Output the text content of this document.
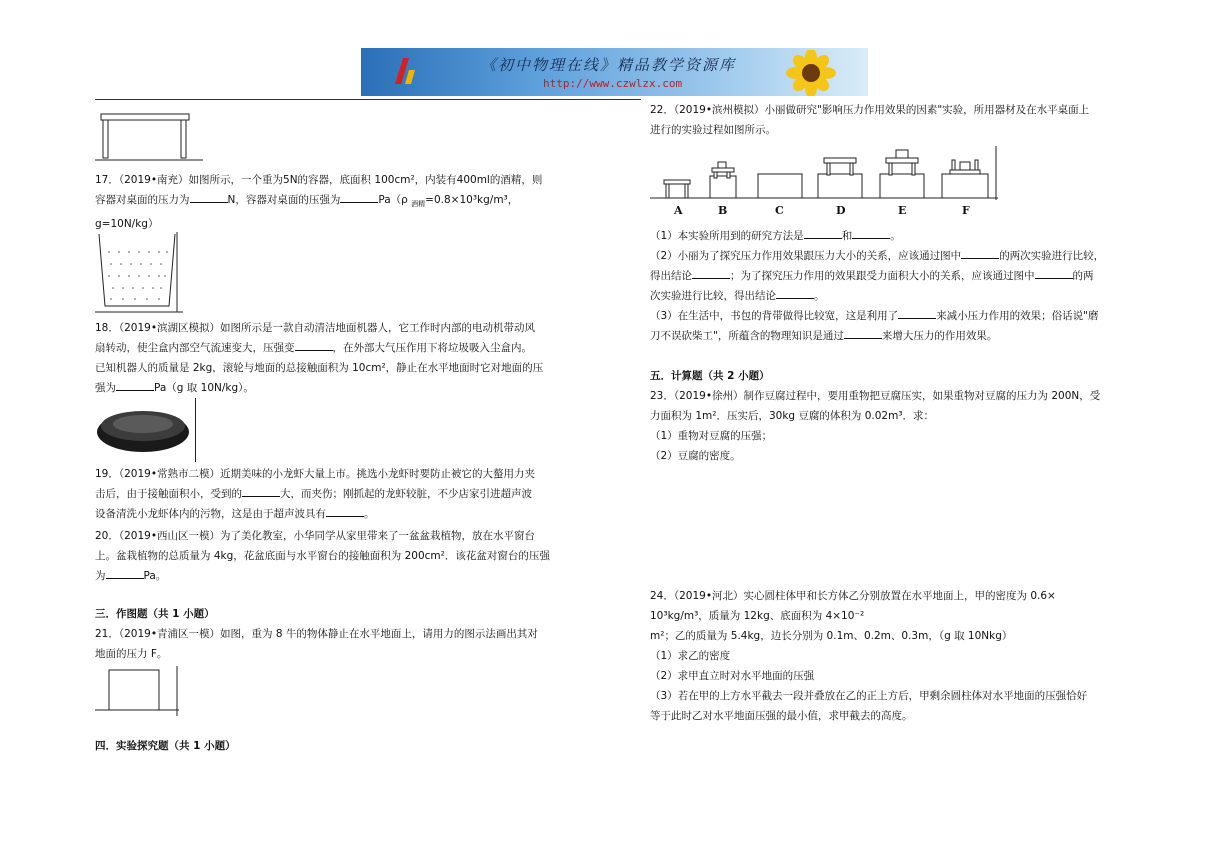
《初中物理在线》精品教学资源库
http://www.czwlzx.com

17．（2019•南充）如图所示，一个重为5N的容器，底面积 100cm²，内装有400ml的酒精，则

容器对桌面的压力为	N，容器对桌面的压强为	Pa（ρ $_{酒精}$=0.8×10³kg/m³，

g=10N/kg）

18．（2019•滨湖区模拟）如图所示是一款自动清洁地面机器人，它工作时内部的电动机带动风

扇转动，使尘盒内部空气流速变大，压强变	，在外部大气压作用下将垃圾吸入尘盒内。

已知机器人的质量是 2kg，滚轮与地面的总接触面积为 10cm²，静止在水平地面时它对地面的压

强为	Pa（g 取 10N/kg）。

19．（2019•常熟市二模）近期美味的小龙虾大量上市。挑选小龙虾时要防止被它的大螯用力夹

击后，由于接触面积小，受到的	大，而夹伤；刚抓起的龙虾较脏，不少店家引进超声波

设备清洗小龙虾体内的污物，这是由于超声波具有	。

20．（2019•西山区一模）为了美化教室，小华同学从家里带来了一盆盆栽植物，放在水平窗台

上。盆栽植物的总质量为 4kg，花盆底面与水平窗台的接触面积为 200cm²．该花盆对窗台的压强

为	Pa。

三．作图题（共 1 小题）

21．（2019•青浦区一模）如图，重为 8 牛的物体静止在水平地面上，请用力的图示法画出其对

地面的压力 F。

四．实验探究题（共 1 小题）

22．（2019•滨州模拟）小丽做研究"影响压力作用效果的因素"实验，所用器材及在水平桌面上

进行的实验过程如图所示。

A	B	C	D	E	F

（1）本实验所用到的研究方法是	和	。

（2）小丽为了探究压力作用效果跟压力大小的关系，应该通过图中	的两次实验进行比较，

得出结论	；为了探究压力作用的效果跟受力面积大小的关系，应该通过图中	的两

次实验进行比较，得出结论	。

（3）在生活中，书包的背带做得比较宽，这是利用了	来减小压力作用的效果；俗话说"磨

刀不误砍柴工"，所蕴含的物理知识是通过	来增大压力的作用效果。

五．计算题（共 2 小题）

23．（2019•徐州）制作豆腐过程中，要用重物把豆腐压实，如果重物对豆腐的压力为 200N，受

力面积为 1m²．压实后，30kg 豆腐的体积为 0.02m³．求：

（1）重物对豆腐的压强；

（2）豆腐的密度。

24．（2019•河北）实心圆柱体甲和长方体乙分别放置在水平地面上，甲的密度为 0.6×

10³kg/m³，质量为 12kg、底面积为 4×10⁻²

m²；乙的质量为 5.4kg，边长分别为 0.1m、0.2m、0.3m，（g 取 10Nkg）

（1）求乙的密度

（2）求甲直立时对水平地面的压强

（3）若在甲的上方水平截去一段并叠放在乙的正上方后，甲剩余圆柱体对水平地面的压强恰好

等于此时乙对水平地面压强的最小值，求甲截去的高度。
